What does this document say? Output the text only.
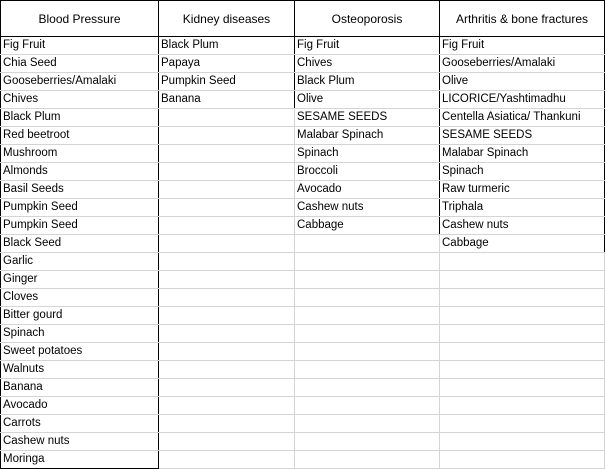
Blood Pressure	Kidney diseases	Osteoporosis	Arthritis & bone fractures
Fig Fruit	Black Plum	Fig Fruit	Fig Fruit
Chia Seed	Papaya	Chives	Gooseberries/Amalaki
Gooseberries/Amalaki	Pumpkin Seed	Black Plum	Olive
Chives	Banana	Olive	LICORICE/Yashtimadhu
Black Plum		SESAME SEEDS	Centella Asiatica/ Thankuni
Red beetroot		Malabar Spinach	SESAME SEEDS
Mushroom		Spinach	Malabar Spinach
Almonds		Broccoli	Spinach
Basil Seeds		Avocado	Raw turmeric
Pumpkin Seed		Cashew nuts	Triphala
Pumpkin Seed		Cabbage	Cashew nuts
Black Seed			Cabbage
Garlic			
Ginger			
Cloves			
Bitter gourd			
Spinach			
Sweet potatoes			
Walnuts			
Banana			
Avocado			
Carrots			
Cashew nuts			
Moringa			
